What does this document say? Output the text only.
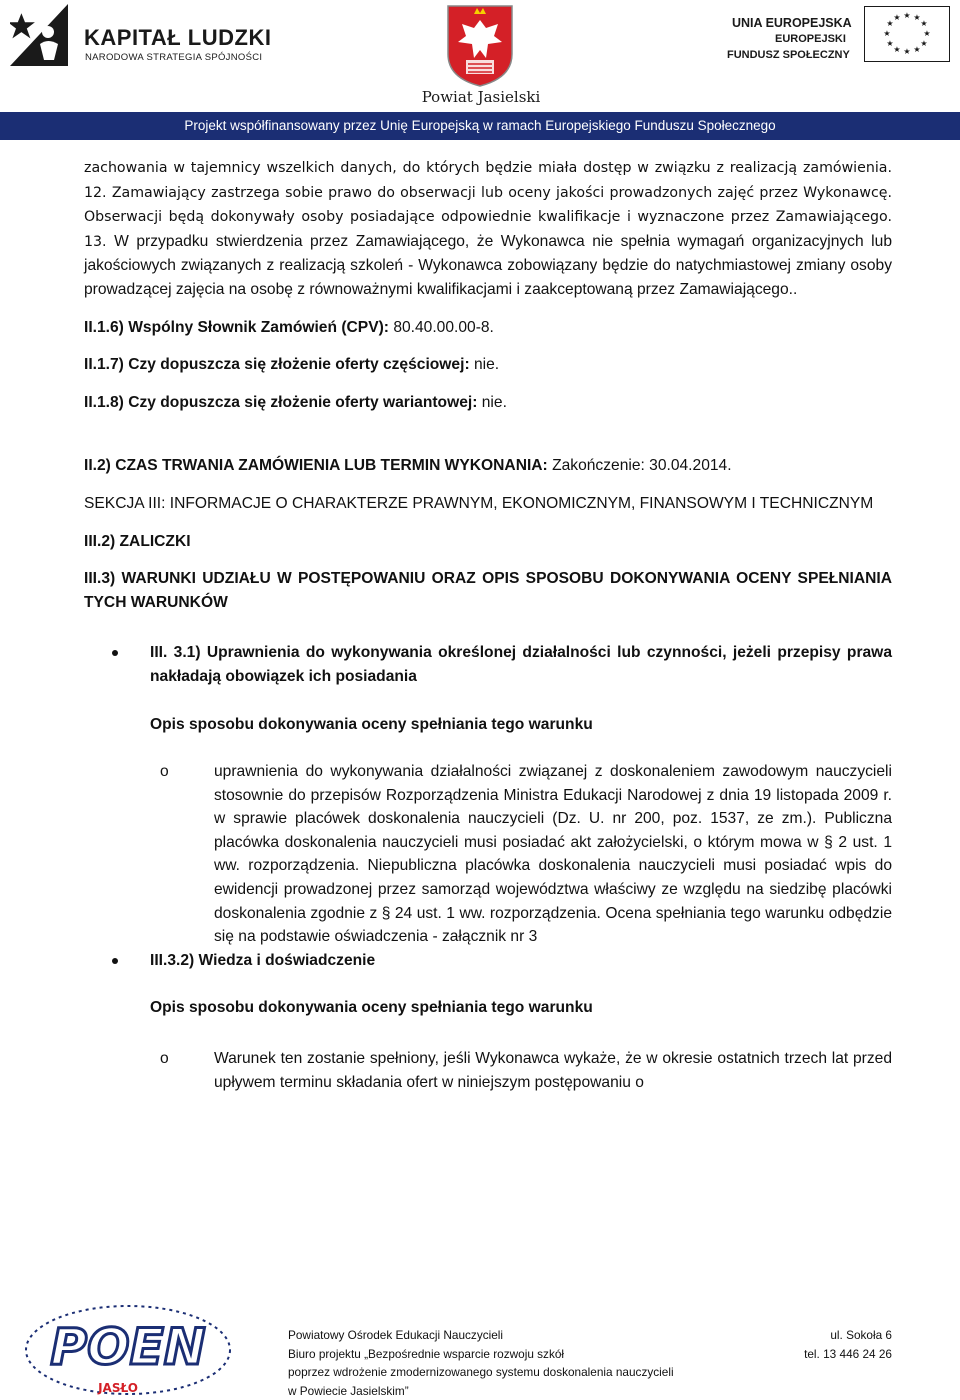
KAPITAŁ LUDZKI
NARODOWA STRATEGIA SPÓJNOŚCI
Powiat Jasielski
UNIA EUROPEJSKA
EUROPEJSKI
FUNDUSZ SPOŁECZNY
★ ★
★
★
★
★
★
★
★
★
★
★
Projekt współfinansowany przez Unię Europejską w ramach Europejskiego Funduszu Społecznego

zachowania w tajemnicy wszelkich danych, do których będzie miała dostęp w związku z realizacją zamówienia. 12. Zamawiający zastrzega sobie prawo do obserwacji lub oceny jakości prowadzonych zajęć przez Wykonawcę. Obserwacji będą dokonywały osoby posiadające odpowiednie kwalifikacje i wyznaczone przez Zamawiającego. 13. W przypadku stwierdzenia przez Zamawiającego, że Wykonawca nie spełnia wymagań organizacyjnych lub jakościowych związanych z realizacją szkoleń - Wykonawca zobowiązany będzie do natychmiastowej zmiany osoby prowadzącej zajęcia na osobę z równoważnymi kwalifikacjami i zaakceptowaną przez Zamawiającego..

II.1.6) Wspólny Słownik Zamówień (CPV): 80.40.00.00-8.

II.1.7) Czy dopuszcza się złożenie oferty częściowej: nie.

II.1.8) Czy dopuszcza się złożenie oferty wariantowej: nie.

II.2) CZAS TRWANIA ZAMÓWIENIA LUB TERMIN WYKONANIA: Zakończenie: 30.04.2014.

SEKCJA III: INFORMACJE O CHARAKTERZE PRAWNYM, EKONOMICZNYM, FINANSOWYM I TECHNICZNYM

III.2) ZALICZKI

III.3) WARUNKI UDZIAŁU W POSTĘPOWANIU ORAZ OPIS SPOSOBU DOKONYWANIA OCENY SPEŁNIANIA TYCH WARUNKÓW

III. 3.1) Uprawnienia do wykonywania określonej działalności lub czynności, jeżeli przepisy prawa nakładają obowiązek ich posiadania

Opis sposobu dokonywania oceny spełniania tego warunku

o	uprawnienia do wykonywania działalności związanej z doskonaleniem zawodowym nauczycieli stosownie do przepisów Rozporządzenia Ministra Edukacji Narodowej z dnia 19 listopada 2009 r. w sprawie placówek doskonalenia nauczycieli (Dz. U. nr 200, poz. 1537, ze zm.). Publiczna placówka doskonalenia nauczycieli musi posiadać akt założycielski, o którym mowa w § 2 ust. 1 ww. rozporządzenia. Niepubliczna placówka doskonalenia nauczycieli musi posiadać wpis do ewidencji prowadzonej przez samorząd województwa właściwy ze względu na siedzibę placówki doskonalenia zgodnie z § 24 ust. 1 ww. rozporządzenia. Ocena spełniania tego warunku odbędzie się na podstawie oświadczenia - załącznik nr 3
III.3.2) Wiedza i doświadczenie

Opis sposobu dokonywania oceny spełniania tego warunku

o	Warunek ten zostanie spełniony, jeśli Wykonawca wykaże, że w okresie ostatnich trzech lat przed upływem terminu składania ofert w niniejszym postępowaniu o
POEN
JASŁO
Powiatowy Ośrodek Edukacji Nauczycieli
Biuro projektu „Bezpośrednie wsparcie rozwoju szkół
poprzez wdrożenie zmodernizowanego systemu doskonalenia nauczycieli
w Powiecie Jasielskim”
ul. Sokoła 6
tel. 13 446 24 26
